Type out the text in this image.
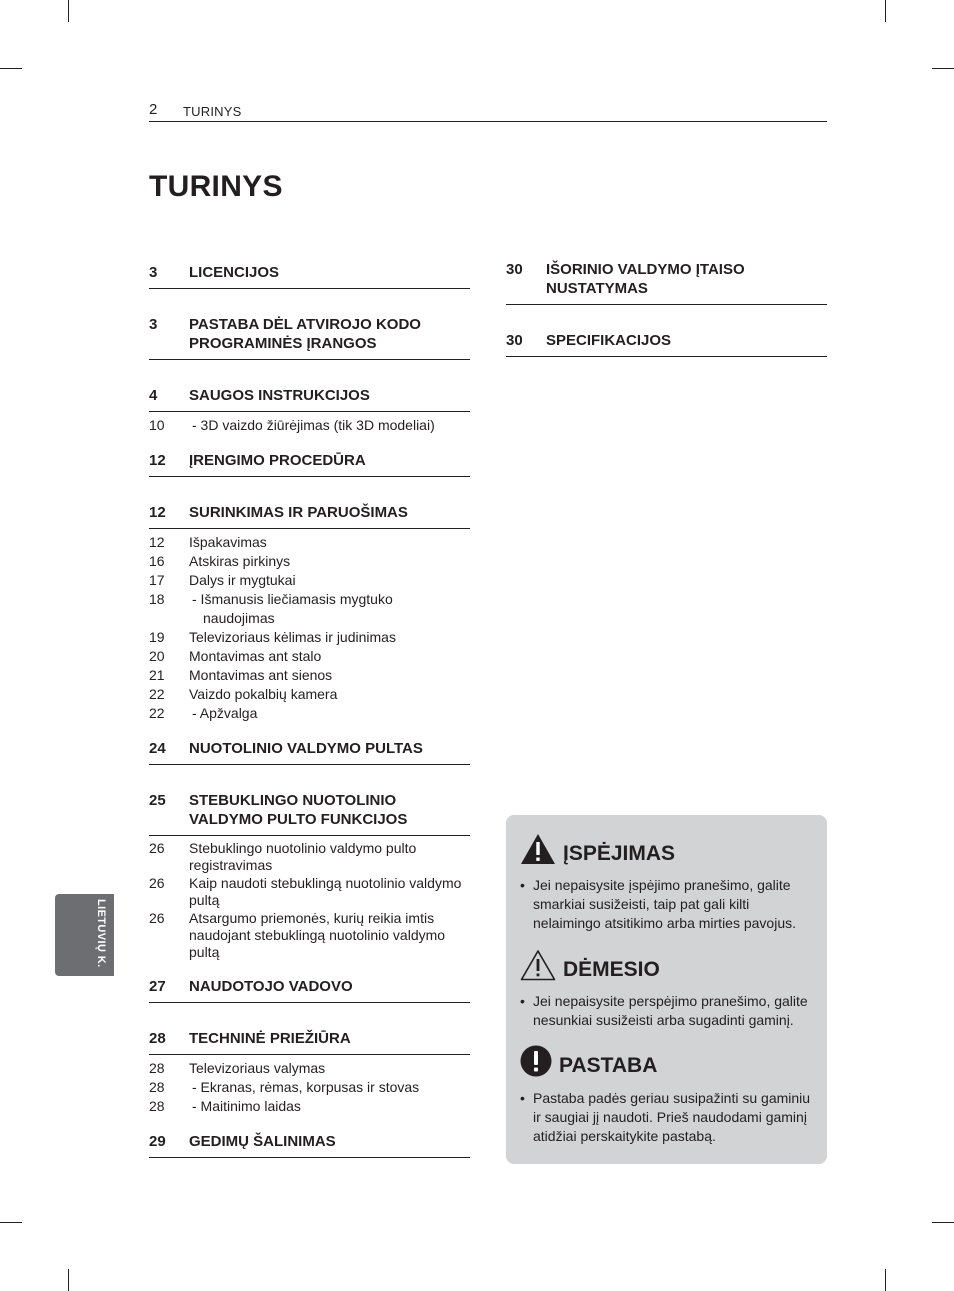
2 TURINYS
TURINYS
3	LICENCIJOS
3	PASTABA DĖL ATVIROJO KODO PROGRAMINĖS ĮRANGOS
4	SAUGOS INSTRUKCIJOS
10	- 3D vaizdo žiūrėjimas (tik 3D modeliai)
12	ĮRENGIMO PROCEDŪRA
12	SURINKIMAS IR PARUOŠIMAS
12	Išpakavimas
16	Atskiras pirkinys
17	Dalys ir mygtukai
18	- Išmanusis liečiamasis mygtuko
naudojimas
19	Televizoriaus kėlimas ir judinimas
20	Montavimas ant stalo
21	Montavimas ant sienos
22	Vaizdo pokalbių kamera
22	- Apžvalga
24	NUOTOLINIO VALDYMO PULTAS
25	STEBUKLINGO NUOTOLINIO VALDYMO PULTO FUNKCIJOS
26	Stebuklingo nuotolinio valdymo pulto registravimas
26	Kaip naudoti stebuklingą nuotolinio valdymo pultą
26	Atsargumo priemonės, kurių reikia imtis naudojant stebuklingą nuotolinio valdymo pultą
27	NAUDOTOJO VADOVO
28	TECHNINĖ PRIEŽIŪRA
28	Televizoriaus valymas
28	- Ekranas, rėmas, korpusas ir stovas
28	- Maitinimo laidas
29	GEDIMŲ ŠALINIMAS
30	IŠORINIO VALDYMO ĮTAISO NUSTATYMAS
30	SPECIFIKACIJOS
LIETUVIŲ K.
ĮSPĖJIMAS
• Jei nepaisysite įspėjimo pranešimo, galite smarkiai susižeisti, taip pat gali kilti nelaimingo atsitikimo arba mirties pavojus.
DĖMESIO
• Jei nepaisysite perspėjimo pranešimo, galite nesunkiai susižeisti arba sugadinti gaminį.
PASTABA
• Pastaba padės geriau susipažinti su gaminiu ir saugiai jį naudoti. Prieš naudodami gaminį atidžiai perskaitykite pastabą.
